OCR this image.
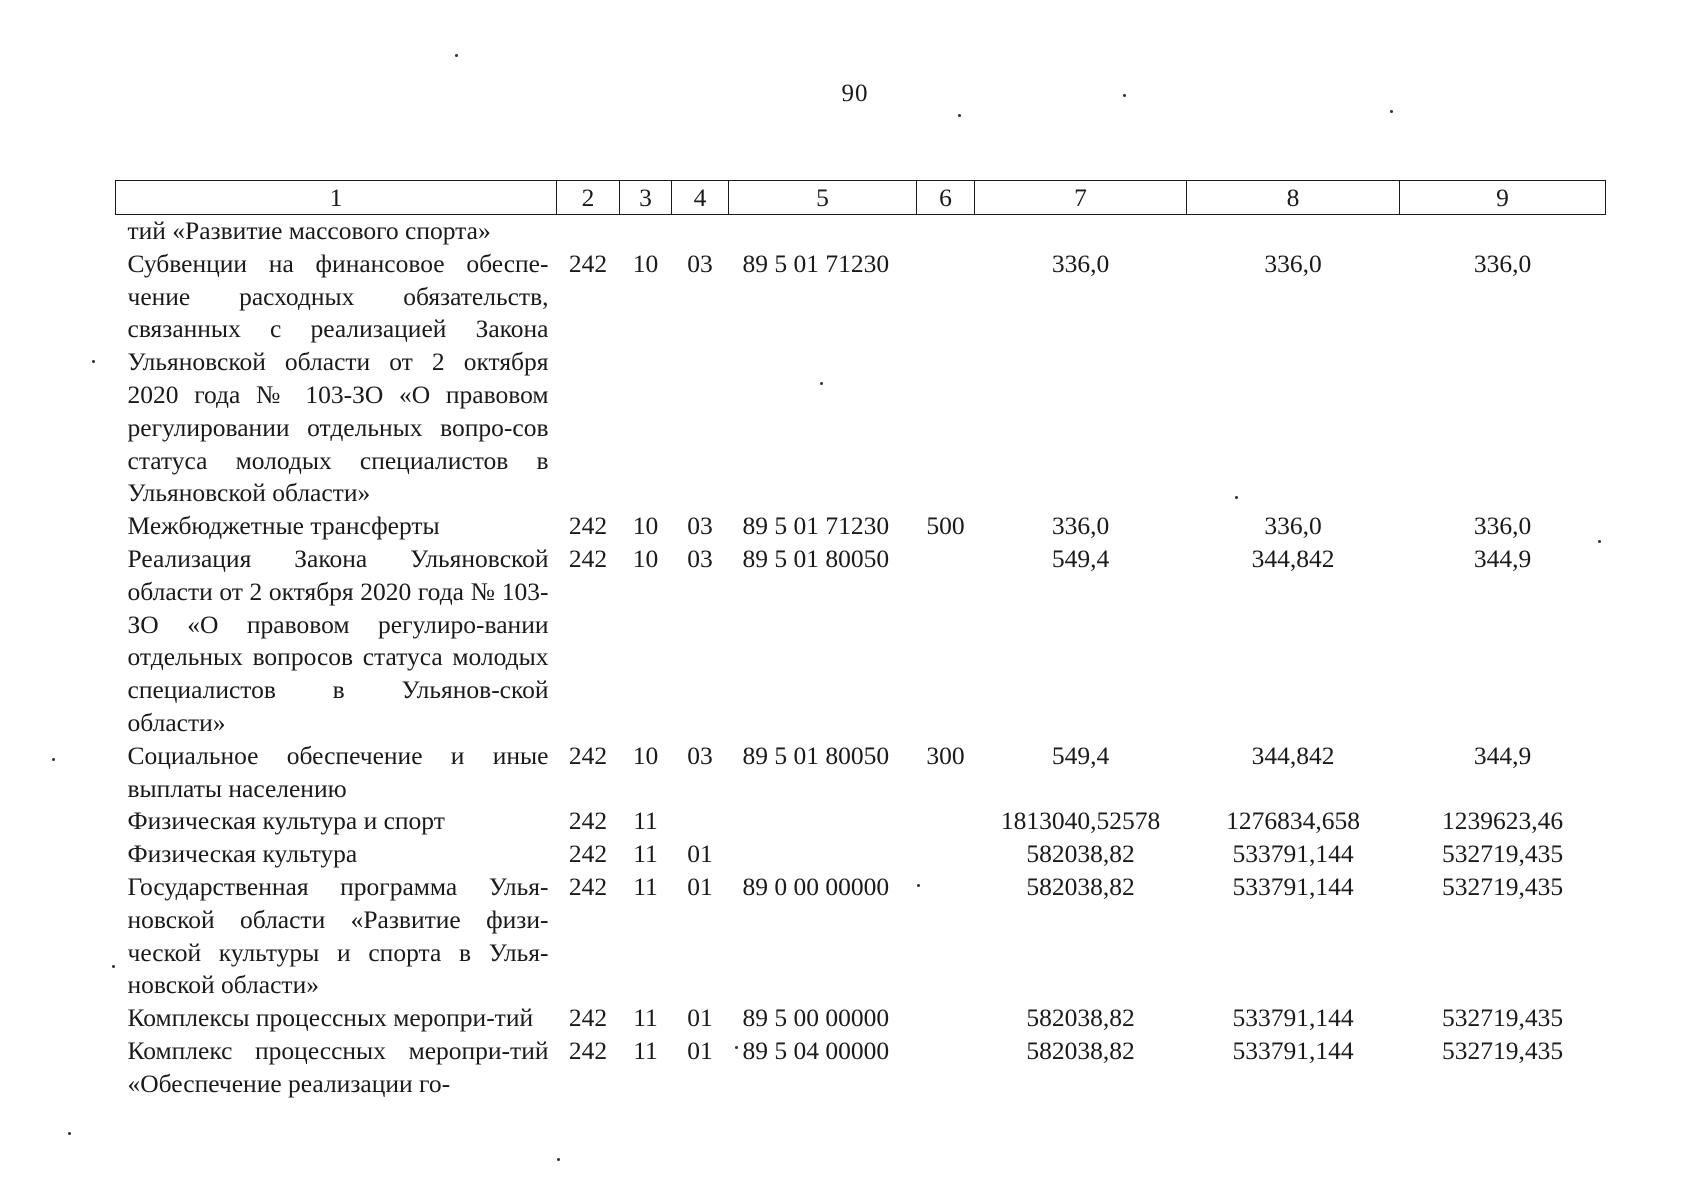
90
1	2	3	4	5	6	7	8	9
тий «Развитие массового спорта»								
Субвенции на финансовое обеспе-чение расходных обязательств, связанных с реализацией Закона Ульяновской области от 2 октября 2020 года № 103-ЗО «О правовом регулировании отдельных вопро-сов статуса молодых специалистов в Ульяновской области»	242	10	03	89 5 01 71230		336,0	336,0	336,0
Межбюджетные трансферты	242	10	03	89 5 01 71230	500	336,0	336,0	336,0
Реализация Закона Ульяновской области от 2 октября 2020 года № 103-ЗО «О правовом регулиро-вании отдельных вопросов статуса молодых специалистов в Ульянов-ской области»	242	10	03	89 5 01 80050		549,4	344,842	344,9
Социальное обеспечение и иные выплаты населению	242	10	03	89 5 01 80050	300	549,4	344,842	344,9
Физическая культура и спорт	242	11				1813040,52578	1276834,658	1239623,46
Физическая культура	242	11	01			582038,82	533791,144	532719,435
Государственная программа Улья-новской области «Развитие физи-ческой культуры и спорта в Улья-новской области»	242	11	01	89 0 00 00000		582038,82	533791,144	532719,435
Комплексы процессных меропри-тий	242	11	01	89 5 00 00000		582038,82	533791,144	532719,435
Комплекс процессных меропри-тий «Обеспечение реализации го-	242	11	01	89 5 04 00000		582038,82	533791,144	532719,435
